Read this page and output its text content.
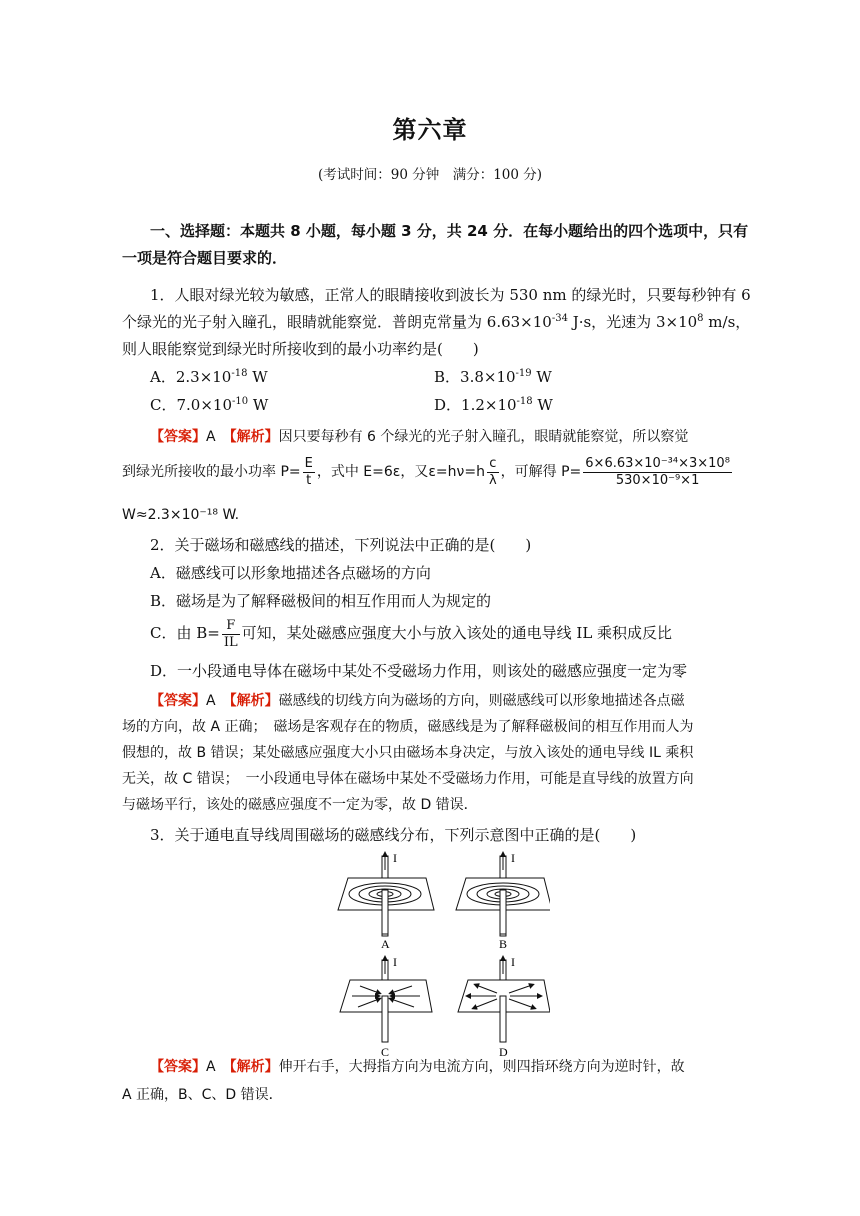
第六章
(考试时间：90 分钟　满分：100 分)
一、选择题：本题共 8 小题，每小题 3 分，共 24 分．在每小题给出的四个选项中，只有
一项是符合题目要求的．
1．人眼对绿光较为敏感，正常人的眼睛接收到波长为 530 nm 的绿光时，只要每秒钟有 6
个绿光的光子射入瞳孔，眼睛就能察觉．普朗克常量为 $6.63\times 10^{-34}$ J·s，光速为 $3\times 10^8$ m/s，
则人眼能察觉到绿光时所接收到的最小功率约是(　　)
A．$2.3\times 10^{-18}$ W	B．$3.8\times 10^{-19}$ W
C．$7.0\times 10^{-10}$ W	D．$1.2\times 10^{-18}$ W
【答案】A　 【解析】因只要每秒有 6 个绿光的光子射入瞳孔，眼睛就能察觉，所以察觉
到绿光所接收的最小功率 $P= \frac{E}{t}$ ，式中 E=6ε，又$\varepsilon=h\nu=h \frac{c}{\lambda}$ ，可解得 $P= \frac{\text{6×6.63×10⁻³⁴×3×10⁸}}{\text{530×10⁻⁹×1}}$
W≈2.3×10⁻¹⁸ W.
2．关于磁场和磁感线的描述，下列说法中正确的是(　　)
A．磁感线可以形象地描述各点磁场的方向
B．磁场是为了解释磁极间的相互作用而人为规定的
C．由 $B= \frac{F}{IL}$ 可知，某处磁感应强度大小与放入该处的通电导线 IL 乘积成反比
D．一小段通电导体在磁场中某处不受磁场力作用，则该处的磁感应强度一定为零
【答案】A　 【解析】磁感线的切线方向为磁场的方向，则磁感线可以形象地描述各点磁
场的方向，故 A 正确；　磁场是客观存在的物质，磁感线是为了解释磁极间的相互作用而人为
假想的，故 B 错误；某处磁感应强度大小只由磁场本身决定，与放入该处的通电导线 IL 乘积
无关，故 C 错误；　一小段通电导体在磁场中某处不受磁场力作用，可能是直导线的放置方向
与磁场平行，该处的磁感应强度不一定为零，故 D 错误．
3．关于通电直导线周围磁场的磁感线分布，下列示意图中正确的是(　　)
I
A
I
B
I
C
I
D
【答案】A　 【解析】伸开右手，大拇指方向为电流方向，则四指环绕方向为逆时针，故
A 正确，B、C、D 错误．
